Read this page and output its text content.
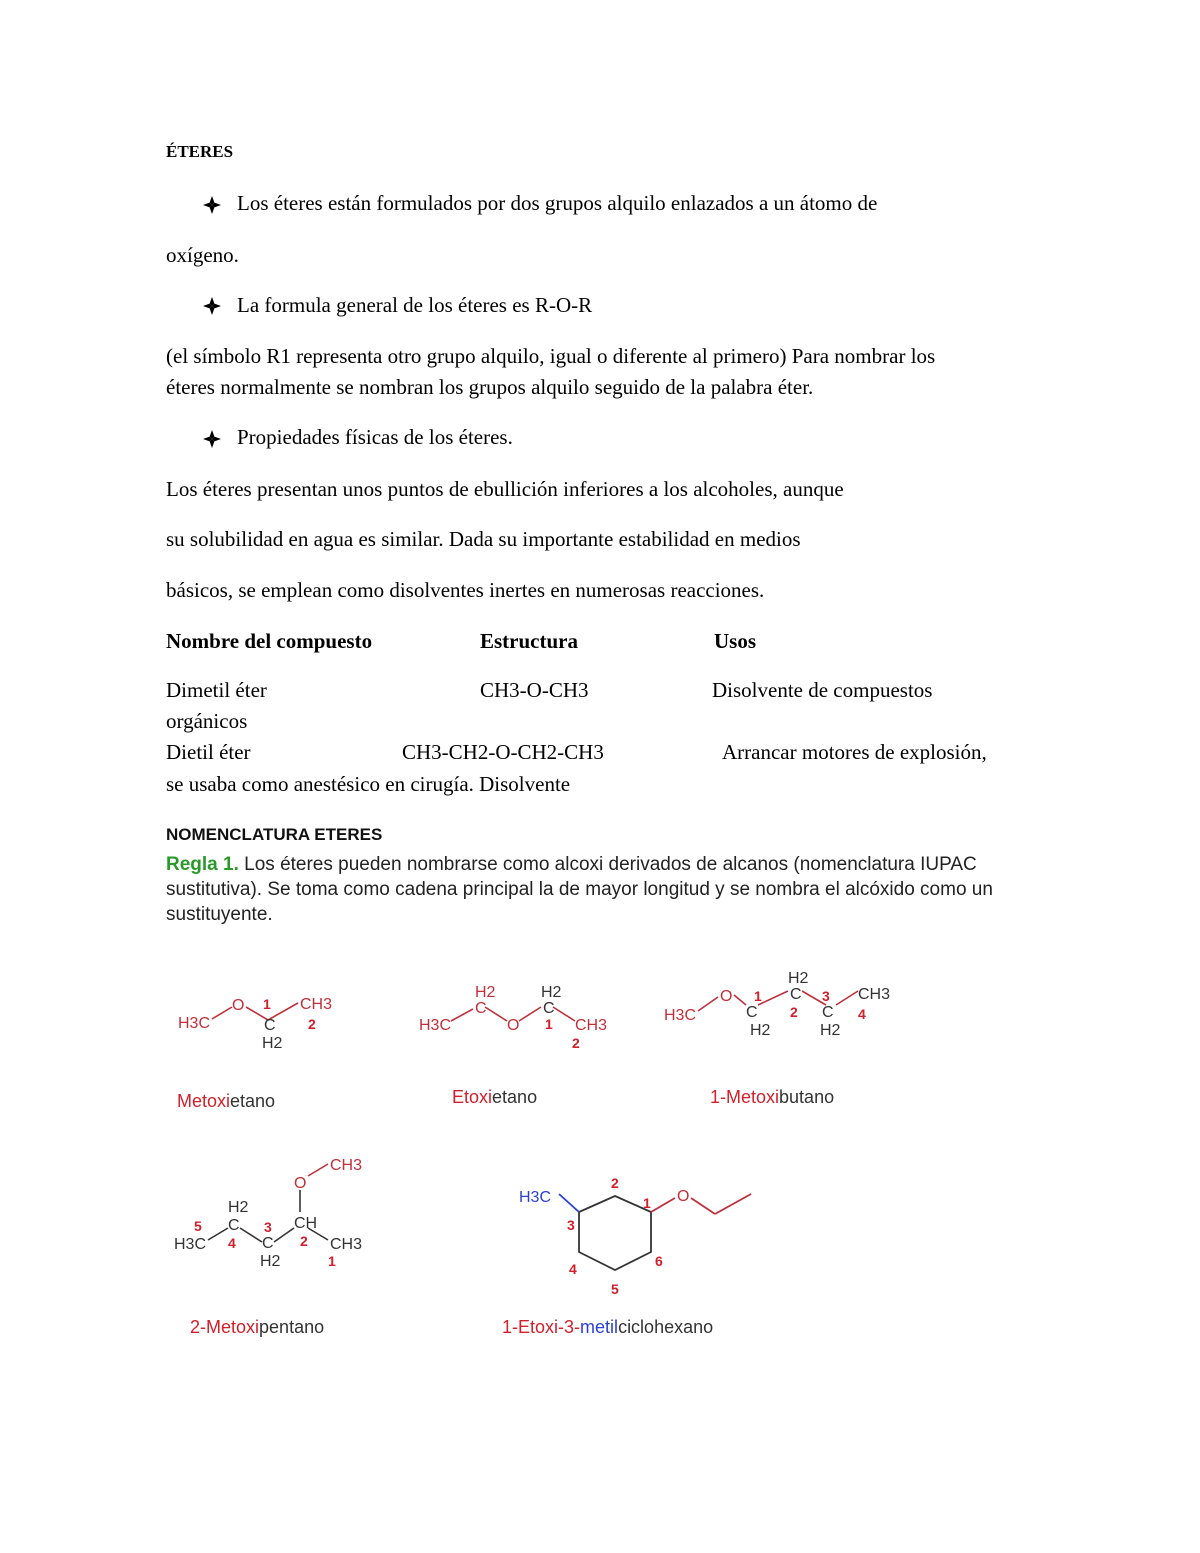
ÉTERES
Los éteres están formulados por dos grupos alquilo enlazados a un átomo de
oxígeno.
La formula general de los éteres es R-O-R
(el símbolo R1 representa otro grupo alquilo, igual o diferente al primero) Para nombrar los
éteres normalmente se nombran los grupos alquilo seguido de la palabra éter.
Propiedades físicas de los éteres.
Los éteres presentan unos puntos de ebullición inferiores a los alcoholes, aunque
su solubilidad en agua es similar. Dada su importante estabilidad en medios
básicos, se emplean como disolventes inertes en numerosas reacciones.
Nombre del compuesto	Estructura	Usos
Dimetil éter	CH3-O-CH3	Disolvente de compuestos
orgánicos
Dietil éter	CH3-CH2-O-CH2-CH3	Arrancar motores de explosión,
se usaba como anestésico en cirugía. Disolvente
NOMENCLATURA ETERES
Regla 1. Los éteres pueden nombrarse como alcoxi derivados de alcanos (nomenclatura IUPAC sustitutiva). Se toma como cadena principal la de mayor longitud y se nombra el alcóxido como un sustituyente.
H3C
O 1
C
H2
CH3
2
Metoxietano
H3C
H2
C
O
H2
C
1 CH3
2
Etoxietano
H3C
O 1
C
H2
H2
C
2
3
C
H2
CH3
4
1-Metoxibutano
H3C
5
H2
C
4
3
C
H2
CH
2
O
CH3
CH3
1
2-Metoxipentano
H3C	O
2
1
3
6
4
5
1-Etoxi-3-metilciclohexano
